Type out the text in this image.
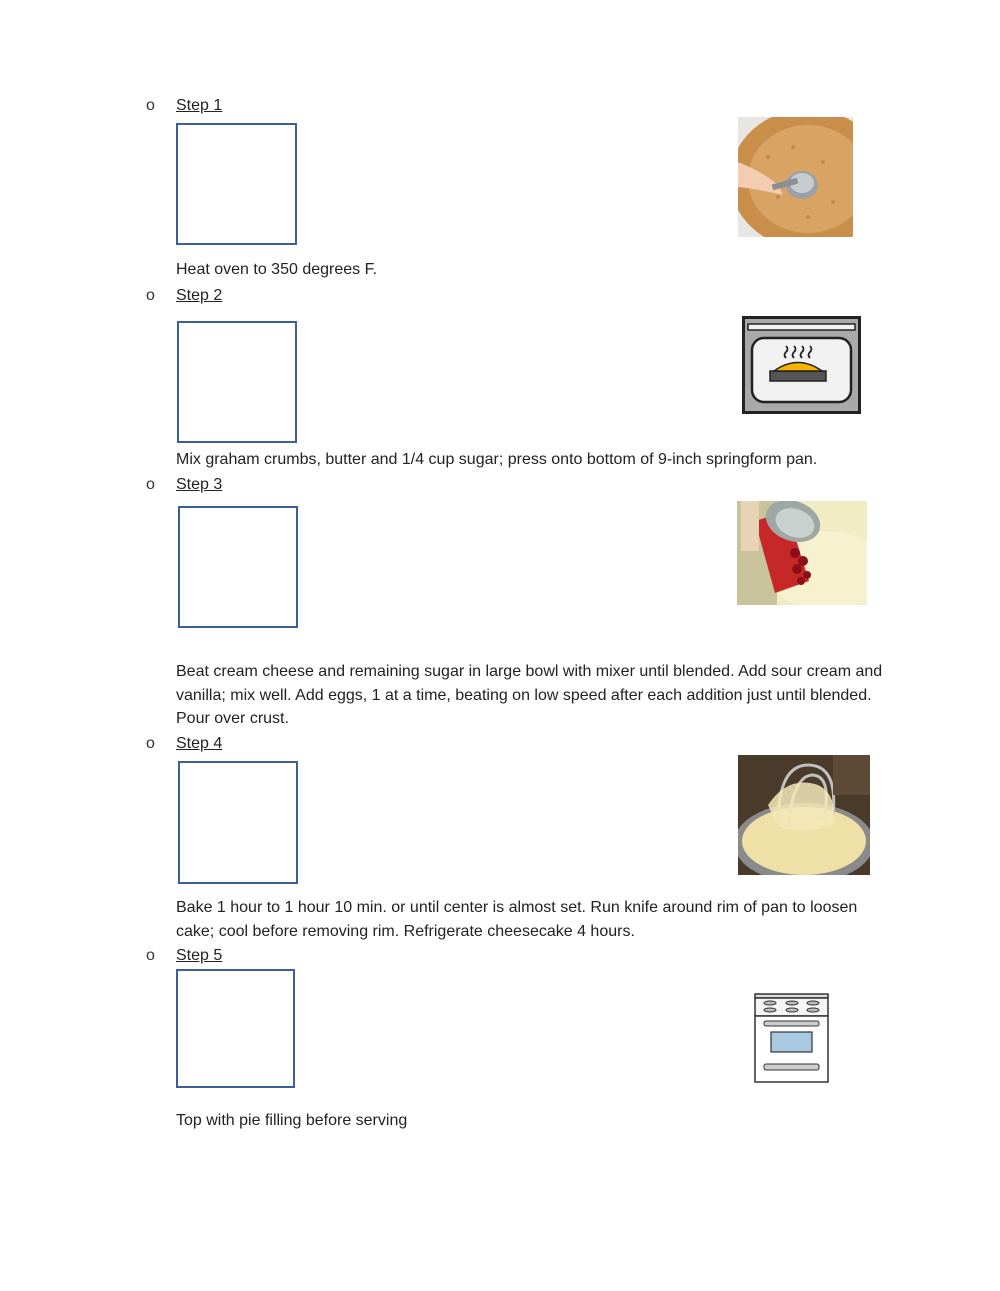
o Step 1
Heat oven to 350 degrees F.
o Step 2
Mix graham crumbs, butter and 1/4 cup sugar; press onto bottom of 9-inch springform pan.
o Step 3
Beat cream cheese and remaining sugar in large bowl with mixer until blended. Add sour cream and vanilla; mix well. Add eggs, 1 at a time, beating on low speed after each addition just until blended. Pour over crust.
o Step 4
Bake 1 hour to 1 hour 10 min. or until center is almost set. Run knife around rim of pan to loosen cake; cool before removing rim. Refrigerate cheesecake 4 hours.
o Step 5
Top with pie filling before serving
